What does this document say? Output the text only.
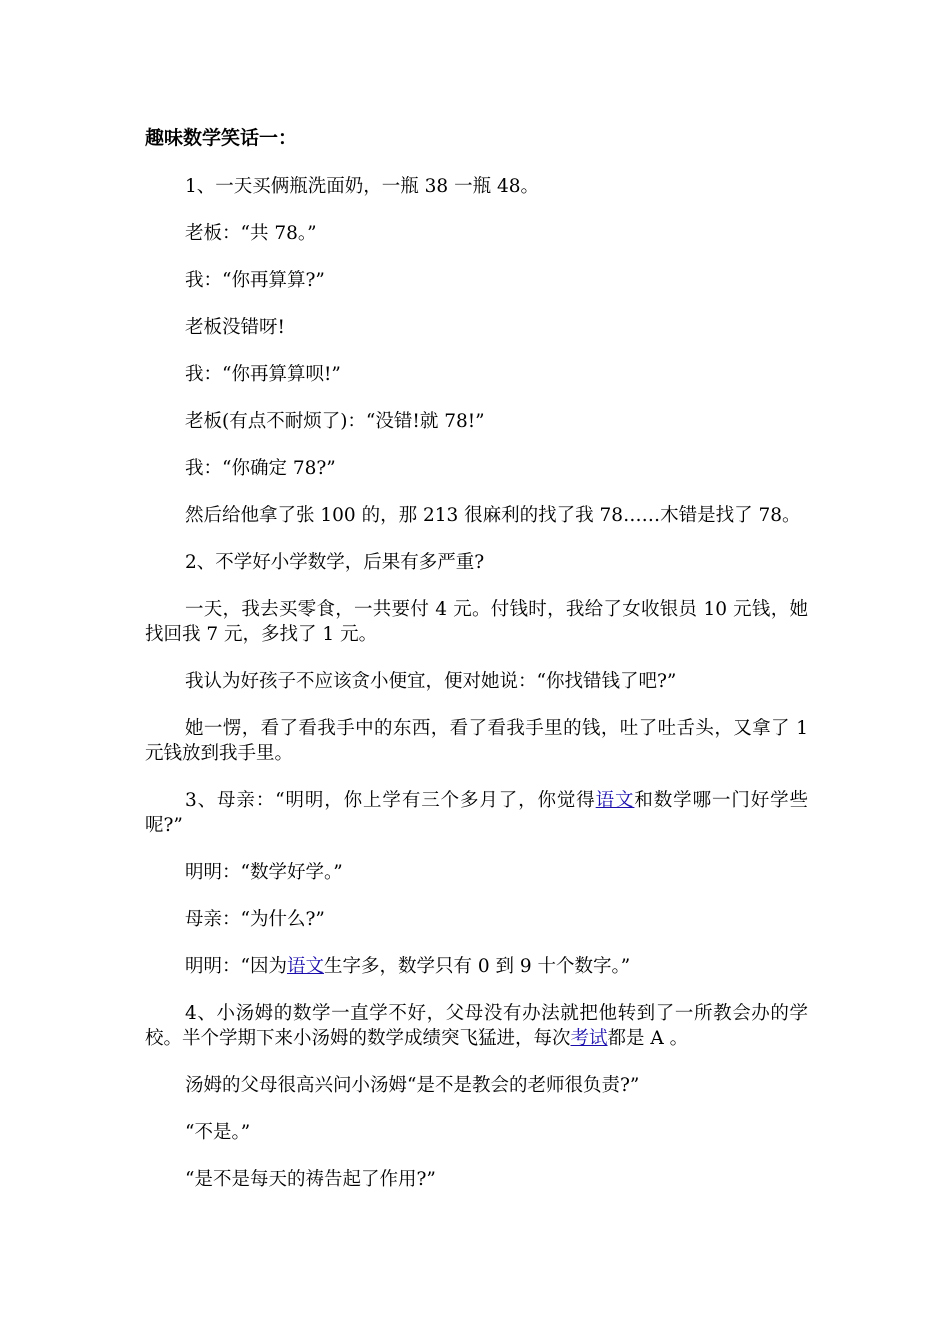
趣味数学笑话一：
1、一天买俩瓶洗面奶，一瓶 38 一瓶 48。
老板：“共 78。”
我：“你再算算?”
老板没错呀!
我：“你再算算呗!”
老板(有点不耐烦了)：“没错!就 78!”
我：“你确定 78?”
然后给他拿了张 100 的，那 213 很麻利的找了我 78……木错是找了 78。
2、不学好小学数学，后果有多严重?
一天，我去买零食，一共要付 4 元。付钱时，我给了女收银员 10 元钱，她找回我 7 元，多找了 1 元。
我认为好孩子不应该贪小便宜，便对她说：“你找错钱了吧?”
她一愣，看了看我手中的东西，看了看我手里的钱，吐了吐舌头，又拿了 1 元钱放到我手里。
3、母亲：“明明，你上学有三个多月了，你觉得语文和数学哪一门好学些呢?”
明明：“数学好学。”
母亲：“为什么?”
明明：“因为语文生字多，数学只有 0 到 9 十个数字。”
4、小汤姆的数学一直学不好，父母没有办法就把他转到了一所教会办的学校。半个学期下来小汤姆的数学成绩突飞猛进，每次考试都是 A 。
汤姆的父母很高兴问小汤姆“是不是教会的老师很负责?”
“不是。”
“是不是每天的祷告起了作用?”
